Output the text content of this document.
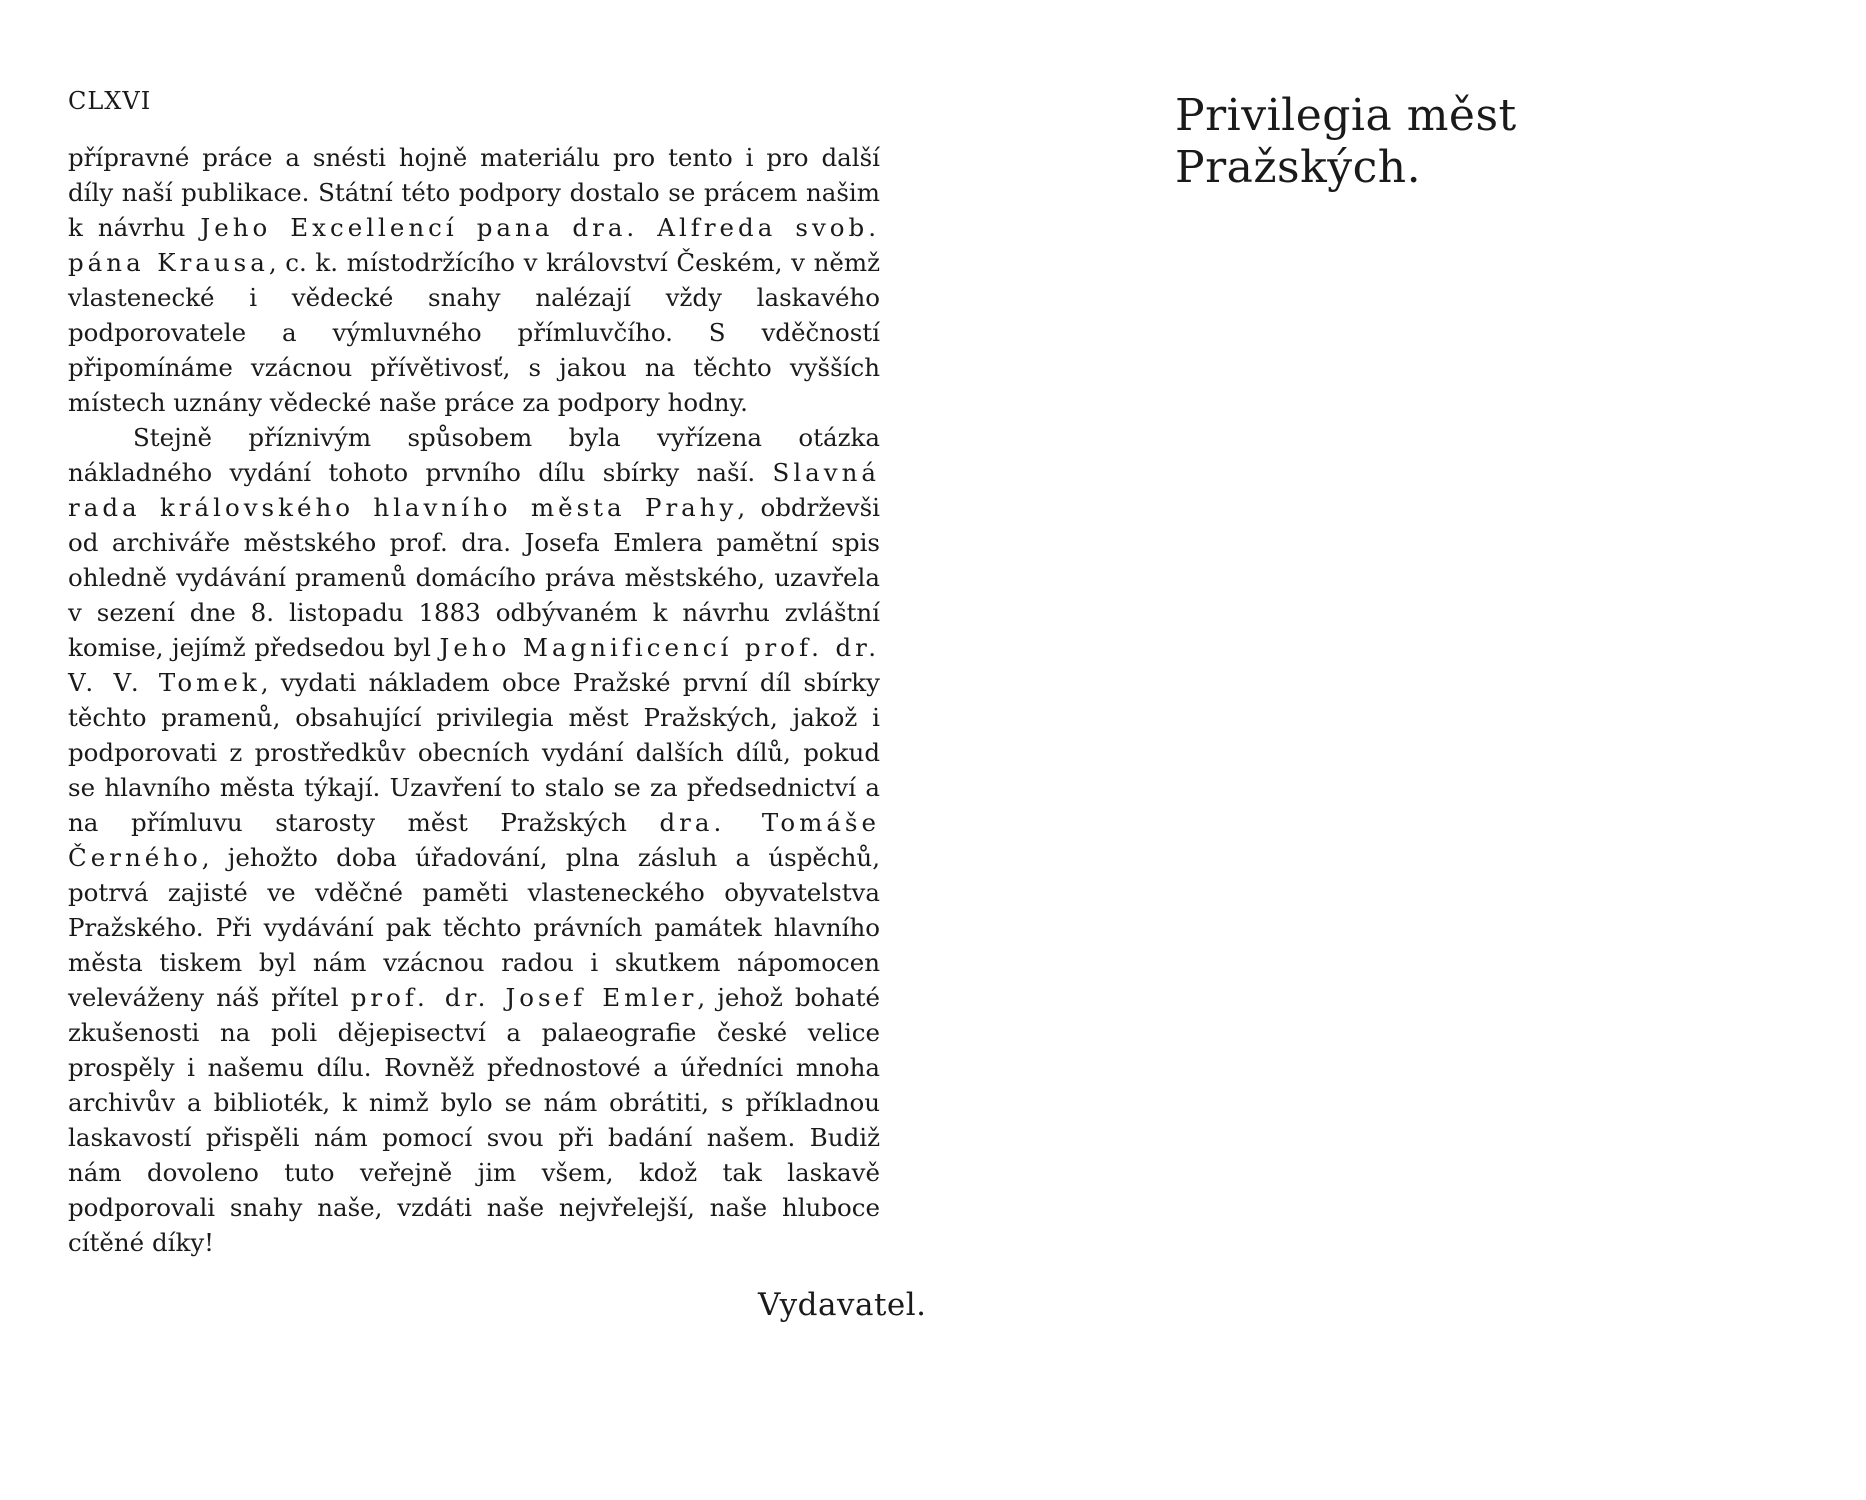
CLXVI

přípravné práce a snésti hojně materiálu pro tento i pro další díly naší publikace. Státní této podpory dostalo se prácem našim k návrhu Jeho Excellencí pana dra. Alfreda svob. pána Krausa, c. k. místodržícího v království Českém, v němž vlastenecké i vědecké snahy nalézají vždy laskavého podporovatele a výmluvného přímluvčího. S vděčností připomínáme vzácnou přívětivosť, s jakou na těchto vyšších místech uznány vědecké naše práce za podpory hodny.

Stejně příznivým spůsobem byla vyřízena otázka nákladného vydání tohoto prvního dílu sbírky naší. Slavná rada královského hlavního města Prahy, obdrževši od archiváře městského prof. dra. Josefa Emlera pamětní spis ohledně vydávání pramenů domácího práva městského, uzavřela v sezení dne 8. listopadu 1883 odbývaném k návrhu zvláštní komise, jejímž předsedou byl Jeho Magnificencí prof. dr. V. V. Tomek, vydati nákladem obce Pražské první díl sbírky těchto pramenů, obsahující privilegia měst Pražských, jakož i podporovati z prostředkův obecních vydání dalších dílů, pokud se hlavního města týkají. Uzavření to stalo se za předsednictví a na přímluvu starosty měst Pražských dra. Tomáše Černého, jehožto doba úřadování, plna zásluh a úspěchů, potrvá zajisté ve vděčné paměti vlasteneckého obyvatelstva Pražského. Při vydávání pak těchto právních památek hlavního města tiskem byl nám vzácnou radou i skutkem nápomocen veleváženy náš přítel prof. dr. Josef Emler, jehož bohaté zkušenosti na poli dějepisectví a palaeografie české velice prospěly i našemu dílu. Rovněž přednostové a úředníci mnoha archivův a biblioték, k nimž bylo se nám obrátiti, s příkladnou laskavostí přispěli nám pomocí svou při badání našem. Budiž nám dovoleno tuto veřejně jim všem, kdož tak laskavě podporovali snahy naše, vzdáti naše nejvřelejší, naše hluboce cítěné díky!

Vydavatel.
Privilegia měst Pražských.
